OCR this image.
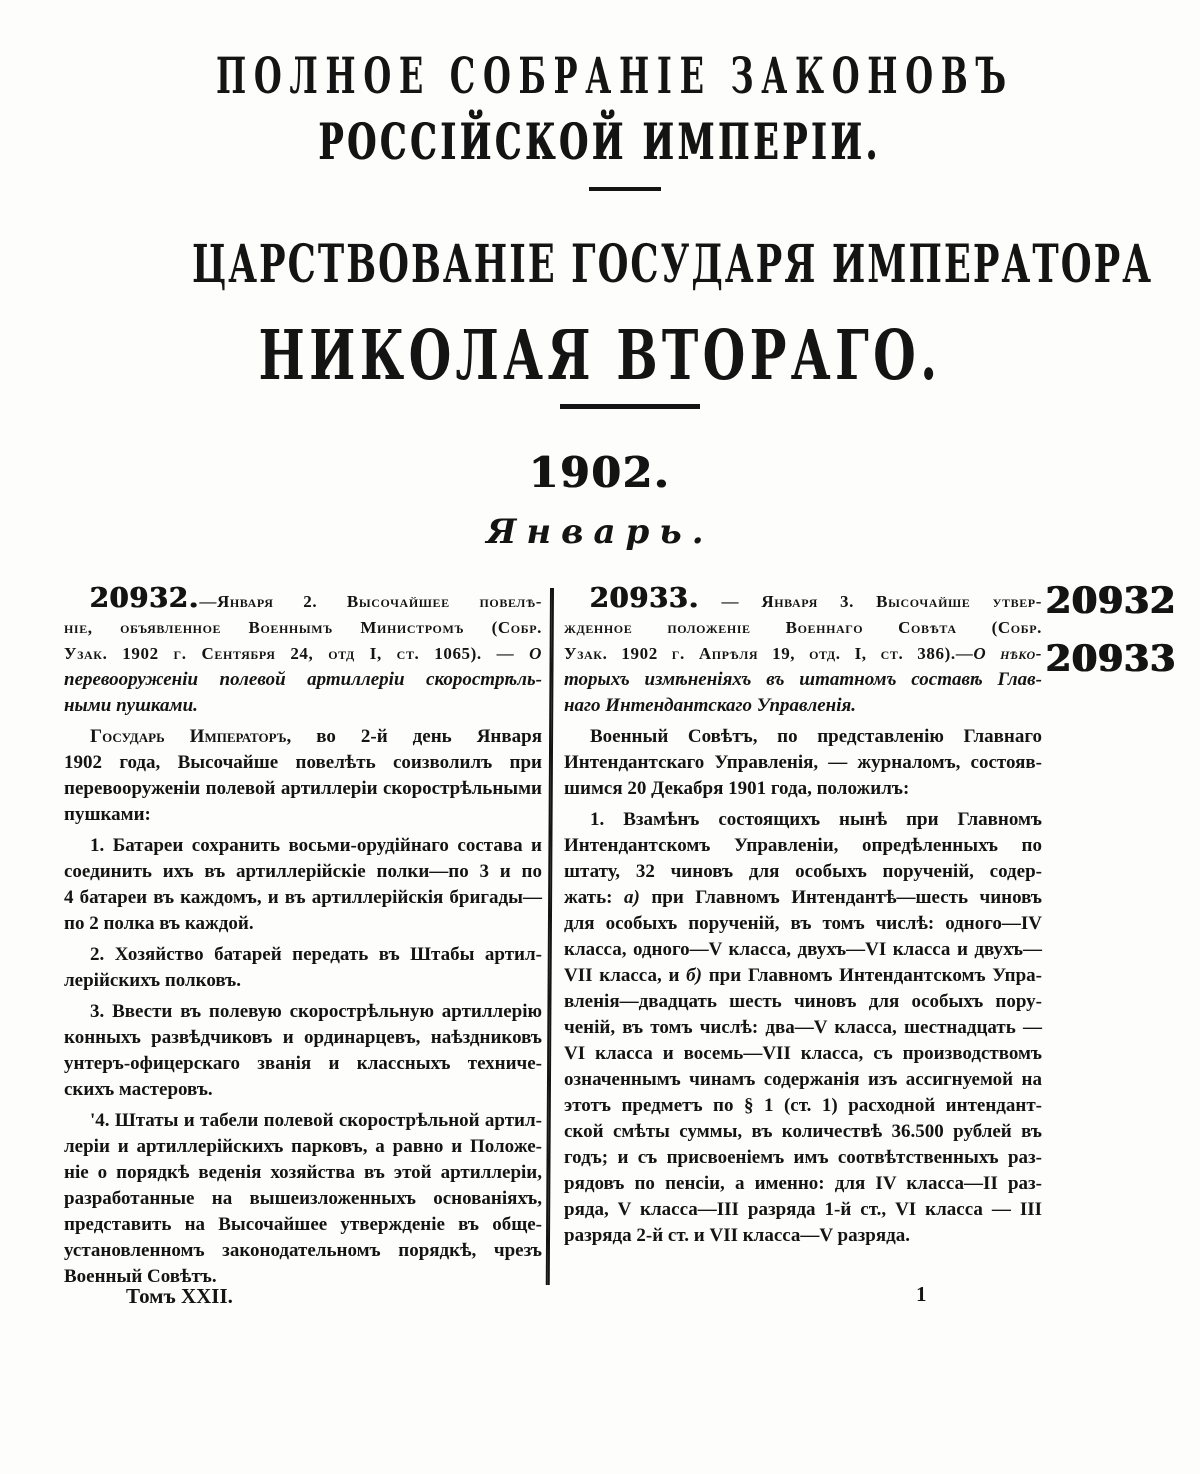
ПОЛНОЕ СОБРАНІЕ ЗАКОНОВЪ
РОССІЙСКОЙ ИМПЕРІИ.
ЦАРСТВОВАНІЕ ГОСУДАРЯ ИМПЕРАТОРА
НИКОЛАЯ ВТОРАГО.
1902.
Январь.
20932.—Января 2. Высочайшее повелѣ-
ніе, объявленное Военнымъ Министромъ (Собр.
Узак. 1902 г. Сентября 24, отд I, ст. 1065). — О
перевооруженіи полевой артиллеріи скорострѣль-
ными пушками.
Государь Императоръ, во 2-й день Января
1902 года, Высочайше повелѣть соизволилъ при
перевооруженіи полевой артиллеріи скорострѣльными
пушками:
1. Батареи сохранить восьми-орудійнаго состава и
соединить ихъ въ артиллерійскіе полки—по 3 и по
4 батареи въ каждомъ, и въ артиллерійскія бригады—
по 2 полка въ каждой.
2. Хозяйство батарей передать въ Штабы артил-
лерійскихъ полковъ.
3. Ввести въ полевую скорострѣльную артиллерію
конныхъ развѣдчиковъ и ординарцевъ, наѣздниковъ
унтеръ-офицерскаго званія и классныхъ техниче-
скихъ мастеровъ.
'4. Штаты и табели полевой скорострѣльной артил-
леріи и артиллерійскихъ парковъ, а равно и Положе-
ніе о порядкѣ веденія хозяйства въ этой артиллеріи,
разработанные на вышеизложенныхъ основаніяхъ,
представить на Высочайшее утвержденіе въ обще-
установленномъ законодательномъ порядкѣ, чрезъ
Военный Совѣтъ.
20933. — Января 3. Высочайше утвер-
жденное положеніе Военнаго Совѣта (Собр.
Узак. 1902 г. Апрѣля 19, отд. I, ст. 386).—О нѣко-
торыхъ измѣненіяхъ въ штатномъ составѣ Глав-
наго Интендантскаго Управленія.
Военный Совѣтъ, по представленію Главнаго
Интендантскаго Управленія, — журналомъ, состояв-
шимся 20 Декабря 1901 года, положилъ:
1. Взамѣнъ состоящихъ нынѣ при Главномъ
Интендантскомъ Управленіи, опредѣленныхъ по
штату, 32 чиновъ для особыхъ порученій, содер-
жать: а) при Главномъ Интендантѣ—шесть чиновъ
для особыхъ порученій, въ томъ числѣ: одного—IV
класса, одного—V класса, двухъ—VI класса и двухъ—
VII класса, и б) при Главномъ Интендантскомъ Упра-
вленія—двадцать шесть чиновъ для особыхъ пору-
ченій, въ томъ числѣ: два—V класса, шестнадцать —
VI класса и восемь—VII класса, съ производствомъ
означеннымъ чинамъ содержанія изъ ассигнуемой на
этотъ предметъ по § 1 (ст. 1) расходной интендант-
ской смѣты суммы, въ количествѣ 36.500 рублей въ
годъ; и съ присвоеніемъ имъ соотвѣтственныхъ раз-
рядовъ по пенсіи, а именно: для IV класса—II раз-
ряда, V класса—III разряда 1-й ст., VI класса — III
разряда 2-й ст. и VII класса—V разряда.
20932
20933
Томъ XXII.	1
